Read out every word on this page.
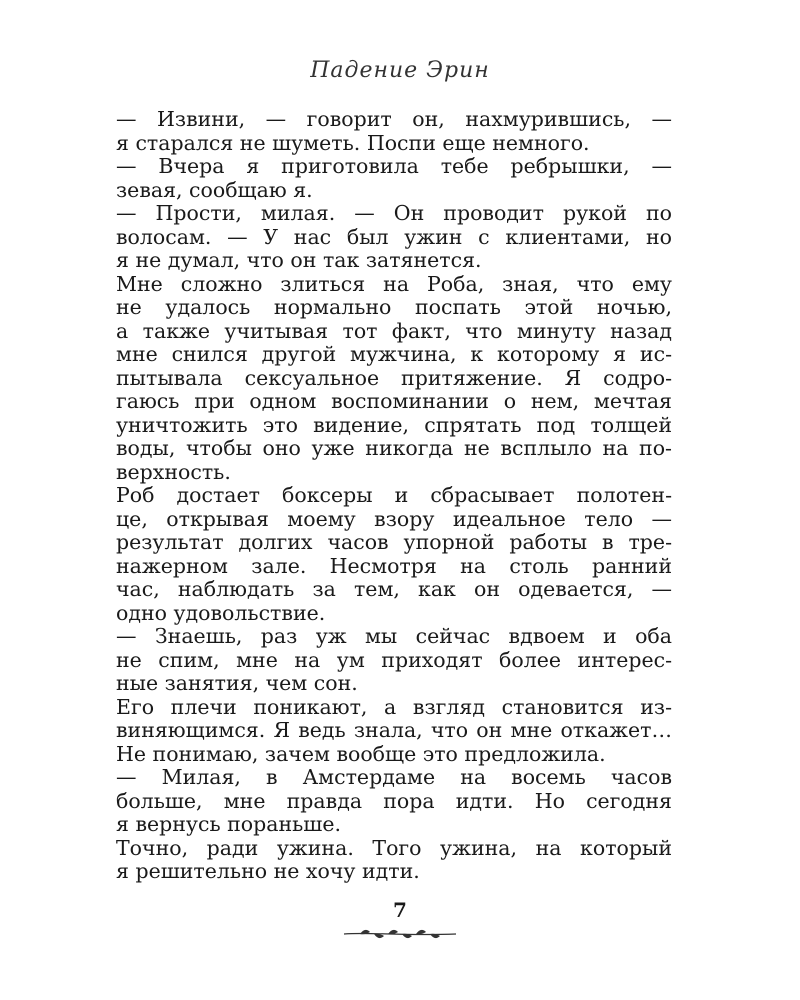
Падение Эрин

— Извини, — говорит он, нахмурившись, —
я старался не шуметь. Поспи еще немного.

— Вчера я приготовила тебе ребрышки, —
зевая, сообщаю я.

— Прости, милая. — Он проводит рукой по
волосам. — У нас был ужин с клиентами, но
я не думал, что он так затянется.

Мне сложно злиться на Роба, зная, что ему
не удалось нормально поспать этой ночью,
а также учитывая тот факт, что минуту назад
мне снился другой мужчина, к которому я ис-
пытывала сексуальное притяжение. Я содро-
гаюсь при одном воспоминании о нем, мечтая
уничтожить это видение, спрятать под толщей
воды, чтобы оно уже никогда не всплыло на по-
верхность.

Роб достает боксеры и сбрасывает полотен-
це, открывая моему взору идеальное тело —
результат долгих часов упорной работы в тре-
нажерном зале. Несмотря на столь ранний
час, наблюдать за тем, как он одевается, —
одно удовольствие.

— Знаешь, раз уж мы сейчас вдвоем и оба
не спим, мне на ум приходят более интерес-
ные занятия, чем сон.

Его плечи поникают, а взгляд становится из-
виняющимся. Я ведь знала, что он мне откажет…
Не понимаю, зачем вообще это предложила.

— Милая, в Амстердаме на восемь часов
больше, мне правда пора идти. Но сегодня
я вернусь пораньше.

Точно, ради ужина. Того ужина, на который
я решительно не хочу идти.

7
